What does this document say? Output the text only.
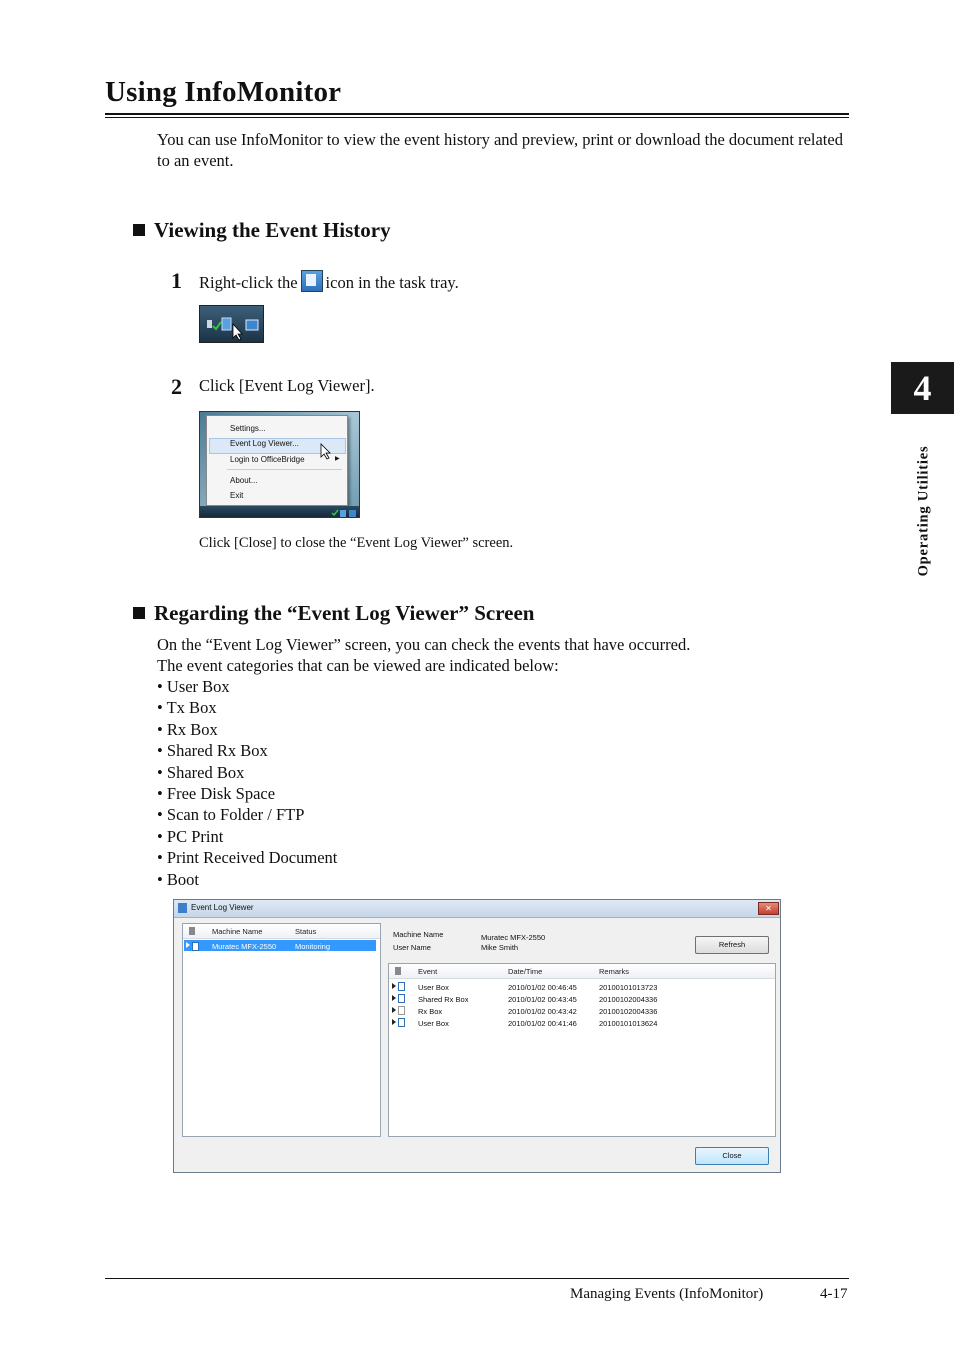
Using InfoMonitor
You can use InfoMonitor to view the event history and preview, print or download the document related to an event.
Viewing the Event History
1 Right-click the icon in the task tray.
2 Click [Event Log Viewer].
Settings...
Event Log Viewer...
Login to OfficeBridge	▶
About...
Exit
Click [Close] to close the “Event Log Viewer” screen.
Regarding the “Event Log Viewer” Screen
On the “Event Log Viewer” screen, you can check the events that have occurred.
The event categories that can be viewed are indicated below:
• User Box
• Tx Box
• Rx Box
• Shared Rx Box
• Shared Box
• Free Disk Space
• Scan to Folder / FTP
• PC Print
• Print Received Document
• Boot
Event Log Viewer	✕
Machine Name	Status
Muratec MFX-2550	Monitoring
Machine Name	Muratec MFX-2550
User Name	Mike Smith	Refresh
Event	Date/Time	Remarks
User Box	2010/01/02 00:46:45	20100101013723
Shared Rx Box	2010/01/02 00:43:45	20100102004336
Rx Box	2010/01/02 00:43:42	20100102004336
User Box	2010/01/02 00:41:46	20100101013624
Close
4
Operating Utilities
Managing Events (InfoMonitor)	4-17
